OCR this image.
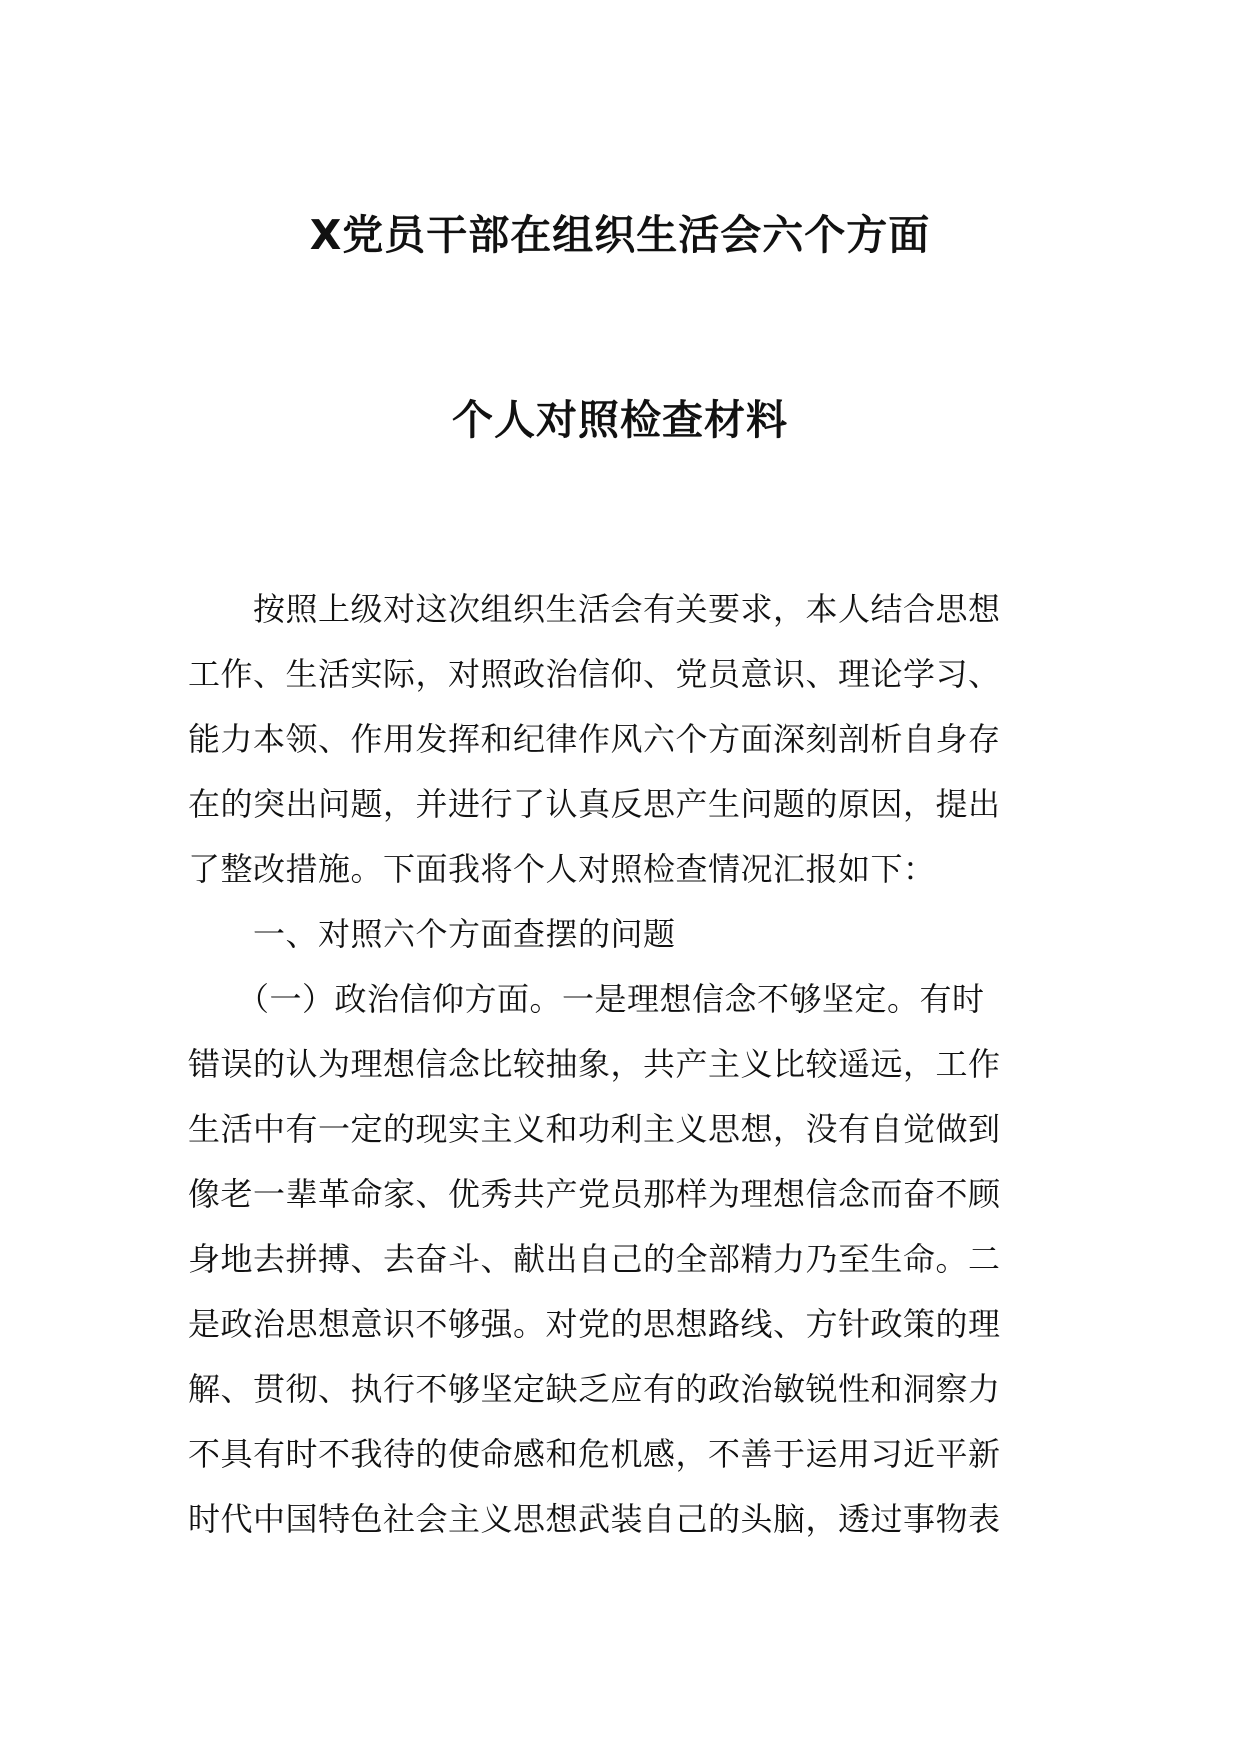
X党员干部在组织生活会六个方面
个人对照检查材料
　　按照上级对这次组织生活会有关要求，本人结合思想
工作、生活实际，对照政治信仰、党员意识、理论学习、
能力本领、作用发挥和纪律作风六个方面深刻剖析自身存
在的突出问题，并进行了认真反思产生问题的原因，提出
了整改措施。下面我将个人对照检查情况汇报如下：
　　一、对照六个方面查摆的问题
　　（一）政治信仰方面。一是理想信念不够坚定。有时
错误的认为理想信念比较抽象，共产主义比较遥远，工作
生活中有一定的现实主义和功利主义思想，没有自觉做到
像老一辈革命家、优秀共产党员那样为理想信念而奋不顾
身地去拼搏、去奋斗、献出自己的全部精力乃至生命。二
是政治思想意识不够强。对党的思想路线、方针政策的理
解、贯彻、执行不够坚定缺乏应有的政治敏锐性和洞察力
不具有时不我待的使命感和危机感，不善于运用习近平新
时代中国特色社会主义思想武装自己的头脑，透过事物表
